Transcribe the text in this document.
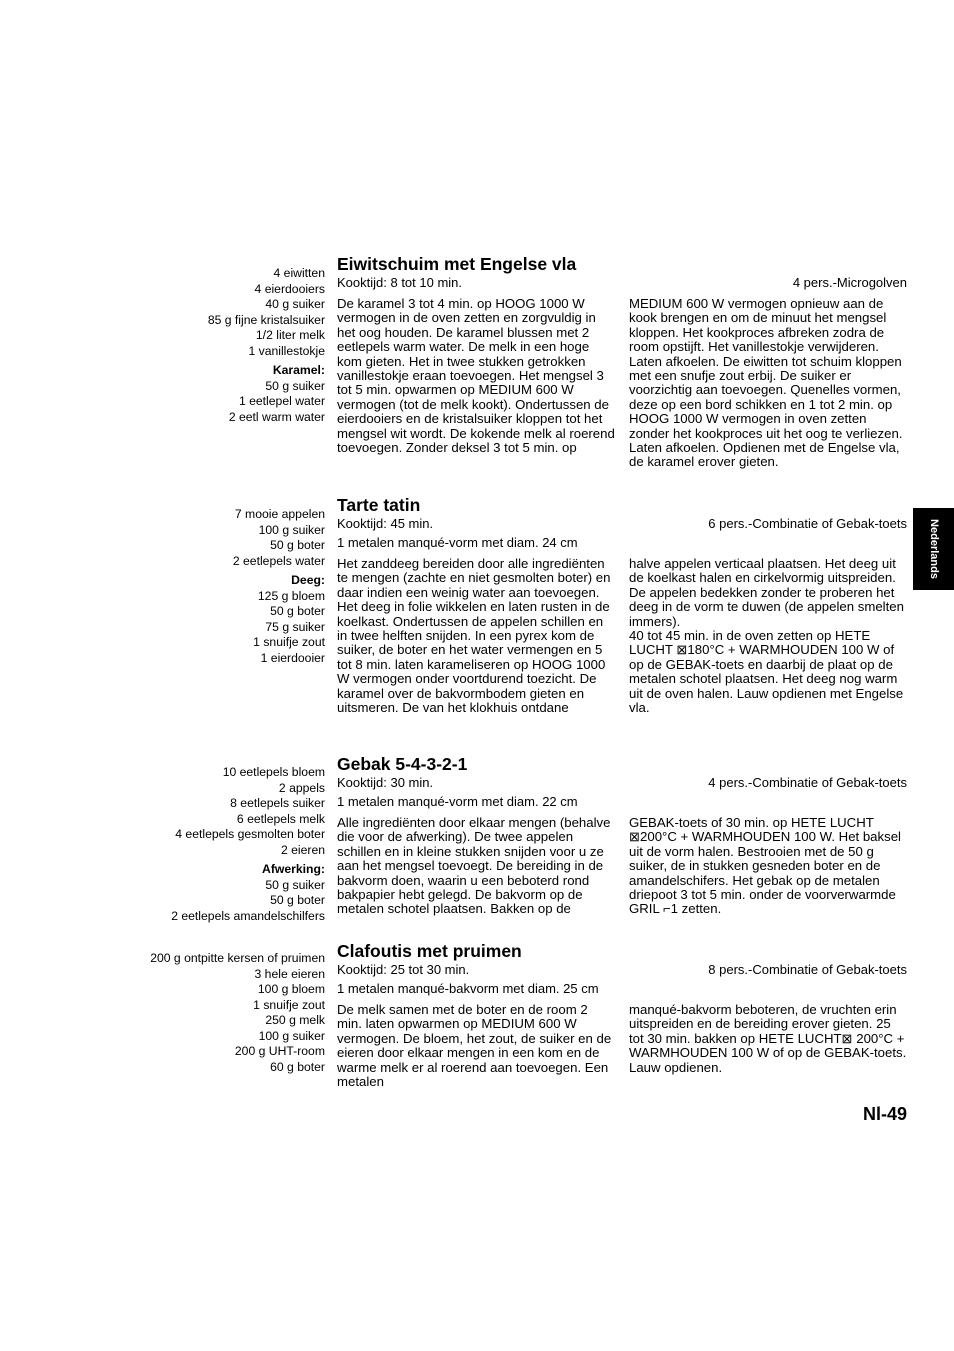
4 eiwitten
4 eierdooiers
40 g suiker
85 g fijne kristalsuiker
1/2 liter melk
1 vanillestokje
Karamel:
50 g suiker
1 eetlepel water
2 eetl warm water
Eiwitschuim met Engelse vla
Kooktijd: 8 tot 10 min.	4 pers.-Microgolven

De karamel 3 tot 4 min. op HOOG 1000 W vermogen in de oven zetten en zorgvuldig in het oog houden. De karamel blussen met 2 eetlepels warm water. De melk in een hoge kom gieten. Het in twee stukken getrokken vanillestokje eraan toevoegen. Het mengsel 3 tot 5 min. opwarmen op MEDIUM 600 W vermogen (tot de melk kookt). Ondertussen de eierdooiers en de kristalsuiker kloppen tot het mengsel wit wordt. De kokende melk al roerend toevoegen. Zonder deksel 3 tot 5 min. op

MEDIUM 600 W vermogen opnieuw aan de kook brengen en om de minuut het mengsel kloppen. Het kookproces afbreken zodra de room opstijft. Het vanillestokje verwijderen. Laten afkoelen. De eiwitten tot schuim kloppen met een snufje zout erbij. De suiker er voorzichtig aan toevoegen. Quenelles vormen, deze op een bord schikken en 1 tot 2 min. op HOOG 1000 W vermogen in oven zetten zonder het kookproces uit het oog te verliezen. Laten afkoelen. Opdienen met de Engelse vla, de karamel erover gieten.

7 mooie appelen
100 g suiker
50 g boter
2 eetlepels water
Deeg:
125 g bloem
50 g boter
75 g suiker
1 snuifje zout
1 eierdooier
Tarte tatin
Kooktijd: 45 min.	6 pers.-Combinatie of Gebak-toets
1 metalen manqué-vorm met diam. 24 cm

Het zanddeeg bereiden door alle ingrediënten te mengen (zachte en niet gesmolten boter) en daar indien een weinig water aan toevoegen. Het deeg in folie wikkelen en laten rusten in de koelkast. Ondertussen de appelen schillen en in twee helften snijden. In een pyrex kom de suiker, de boter en het water vermengen en 5 tot 8 min. laten karameliseren op HOOG 1000 W vermogen onder voortdurend toezicht. De karamel over de bakvormbodem gieten en uitsmeren. De van het klokhuis ontdane

halve appelen verticaal plaatsen. Het deeg uit de koelkast halen en cirkelvormig uitspreiden. De appelen bedekken zonder te proberen het deeg in de vorm te duwen (de appelen smelten immers).
40 tot 45 min. in de oven zetten op HETE LUCHT ⊠180°C + WARMHOUDEN 100 W of op de GEBAK-toets en daarbij de plaat op de metalen schotel plaatsen. Het deeg nog warm uit de oven halen. Lauw opdienen met Engelse vla.

10 eetlepels bloem
2 appels
8 eetlepels suiker
6 eetlepels melk
4 eetlepels gesmolten boter
2 eieren
Afwerking:
50 g suiker
50 g boter
2 eetlepels amandelschilfers
Gebak 5-4-3-2-1
Kooktijd: 30 min.	4 pers.-Combinatie of Gebak-toets
1 metalen manqué-vorm met diam. 22 cm

Alle ingrediënten door elkaar mengen (behalve die voor de afwerking). De twee appelen schillen en in kleine stukken snijden voor u ze aan het mengsel toevoegt. De bereiding in de bakvorm doen, waarin u een beboterd rond bakpapier hebt gelegd. De bakvorm op de metalen schotel plaatsen. Bakken op de

GEBAK-toets of 30 min. op HETE LUCHT ⊠200°C + WARMHOUDEN 100 W. Het baksel uit de vorm halen. Bestrooien met de 50 g suiker, de in stukken gesneden boter en de amandelschifers. Het gebak op de metalen driepoot 3 tot 5 min. onder de voorverwarmde GRIL ⌐1 zetten.

200 g ontpitte kersen of pruimen
3 hele eieren
100 g bloem
1 snuifje zout
250 g melk
100 g suiker
200 g UHT-room
60 g boter
Clafoutis met pruimen
Kooktijd: 25 tot 30 min.	8 pers.-Combinatie of Gebak-toets
1 metalen manqué-bakvorm met diam. 25 cm

De melk samen met de boter en de room 2 min. laten opwarmen op MEDIUM 600 W vermogen. De bloem, het zout, de suiker en de eieren door elkaar mengen in een kom en de warme melk er al roerend aan toevoegen. Een metalen

manqué-bakvorm beboteren, de vruchten erin uitspreiden en de bereiding erover gieten. 25 tot 30 min. bakken op HETE LUCHT⊠ 200°C + WARMHOUDEN 100 W of op de GEBAK-toets. Lauw opdienen.

Nederlands
Nl-49
